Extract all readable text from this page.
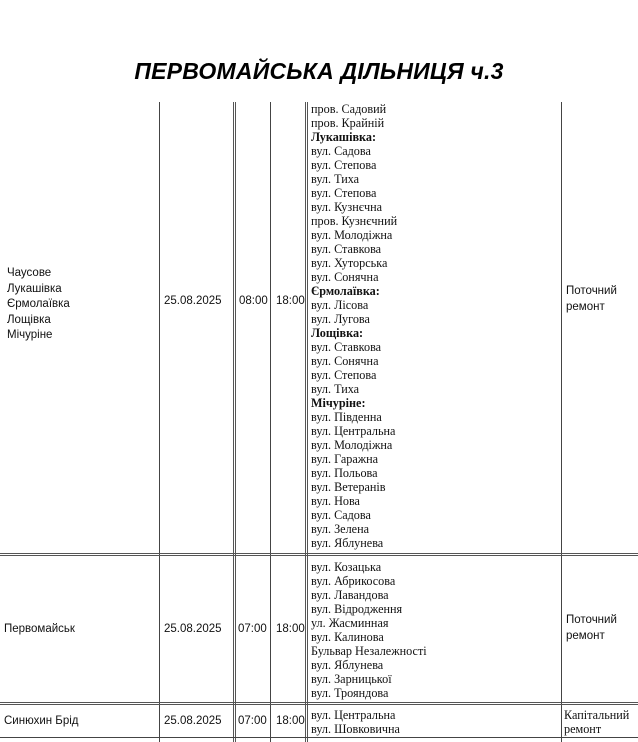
ПЕРВОМАЙСЬКА ДІЛЬНИЦЯ ч.3
Чаусове
Лукашівка
Єрмолаївка
Лощівка
Мічуріне
25.08.2025 08:00 18:00
пров. Садовий
пров. Крайній
Лукашівка:
вул. Садова
вул. Степова
вул. Тиха
вул. Степова
вул. Кузнєчна
пров. Кузнєчний
вул. Молодіжна
вул. Ставкова
вул. Хуторська
вул. Сонячна
Єрмолаївка:
вул. Лісова
вул. Лугова
Лощівка:
вул. Ставкова
вул. Сонячна
вул. Степова
вул. Тиха
Мічуріне:
вул. Південна
вул. Центральна
вул. Молодіжна
вул. Гаражна
вул. Польова
вул. Ветеранів
вул. Нова
вул. Садова
вул. Зелена
вул. Яблунева
Поточний
ремонт
Первомайськ	25.08.2025 07:00 18:00
вул. Козацька
вул. Абрикосова
вул. Лавандова
вул. Відродження
ул. Жасминная
вул. Калинова
Бульвар Незалежності
вул. Яблунева
вул. Зарницької
вул. Трояндова
Поточний
ремонт
Синюхин Брід	25.08.2025 07:00 18:00 вул. Центральна
вул. Шовковична
Капітальний
ремонт
